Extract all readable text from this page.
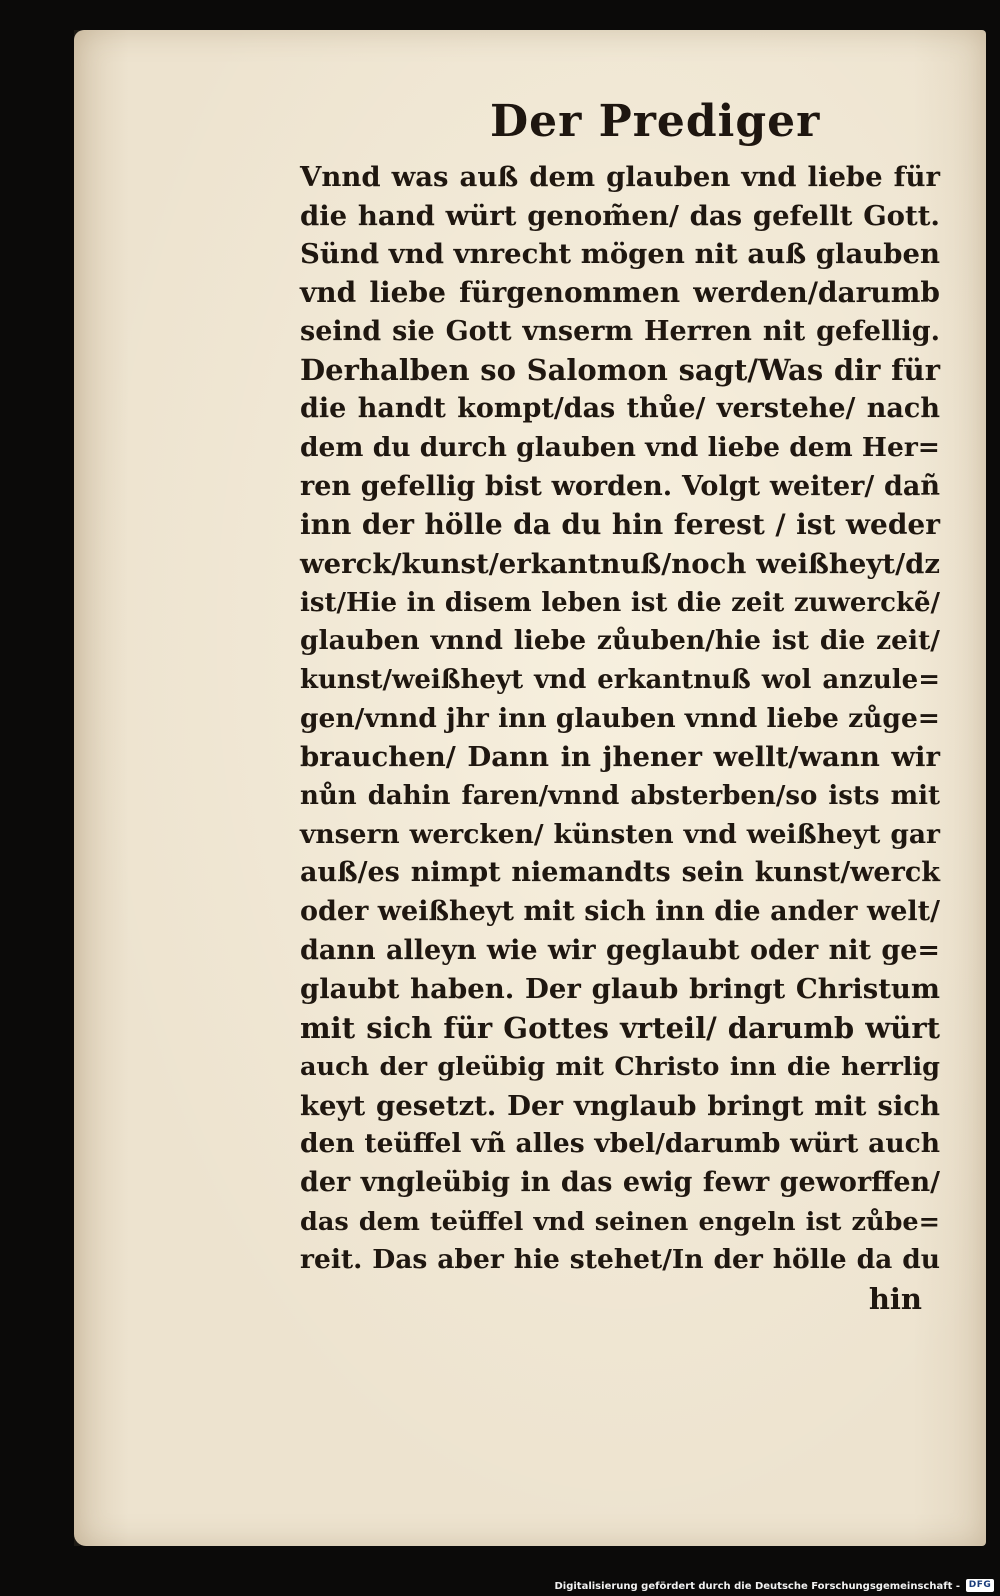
Der Prediger
Vnnd was auß dem glauben vnd liebe für
die hand würt genom̃en/ das gefellt Gott.
Sünd vnd vnrecht mögen nit auß glauben
vnd liebe fürgenommen werden/darumb
seind sie Gott vnserm Herren nit gefellig.
Derhalben so Salomon sagt/Was dir für
die handt kompt/das thůe/ verstehe/ nach
dem du durch glauben vnd liebe dem Her=
ren gefellig bist worden. Volgt weiter/ dañ
inn der hölle da du hin ferest / ist weder
werck/kunst/erkantnuß/noch weißheyt/dz
ist/Hie in disem leben ist die zeit zuwerckẽ/
glauben vnnd liebe zůuben/hie ist die zeit/
kunst/weißheyt vnd erkantnuß wol anzule=
gen/vnnd jhr inn glauben vnnd liebe zůge=
brauchen/ Dann in jhener wellt/wann wir
nůn dahin faren/vnnd absterben/so ists mit
vnsern wercken/ künsten vnd weißheyt gar
auß/es nimpt niemandts sein kunst/werck
oder weißheyt mit sich inn die ander welt/
dann alleyn wie wir geglaubt oder nit ge=
glaubt haben. Der glaub bringt Christum
mit sich für Gottes vrteil/ darumb würt
auch der gleübig mit Christo inn die herrlig
keyt gesetzt. Der vnglaub bringt mit sich
den teüffel vñ alles vbel/darumb würt auch
der vngleübig in das ewig fewr geworffen/
das dem teüffel vnd seinen engeln ist zůbe=
reit. Das aber hie stehet/In der hölle da du
hin
Digitalisierung gefördert durch die Deutsche Forschungsgemeinschaft - DFG
